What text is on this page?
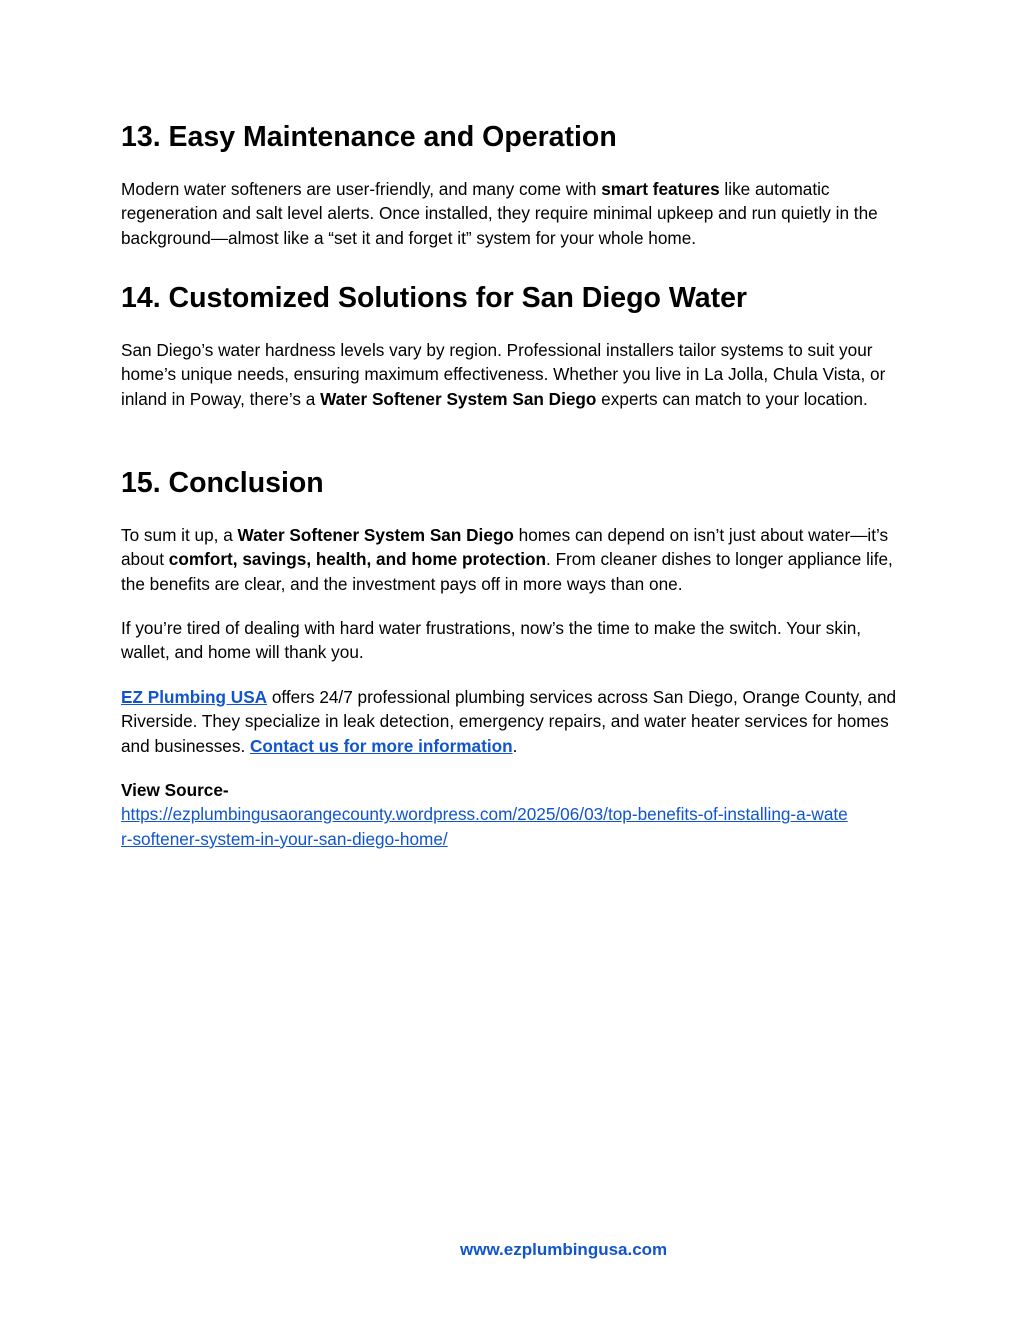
13. Easy Maintenance and Operation

Modern water softeners are user-friendly, and many come with smart features like automatic regeneration and salt level alerts. Once installed, they require minimal upkeep and run quietly in the background—almost like a “set it and forget it” system for your whole home.

14. Customized Solutions for San Diego Water

San Diego’s water hardness levels vary by region. Professional installers tailor systems to suit your home’s unique needs, ensuring maximum effectiveness. Whether you live in La Jolla, Chula Vista, or inland in Poway, there’s a Water Softener System San Diego experts can match to your location.

15. Conclusion

To sum it up, a Water Softener System San Diego homes can depend on isn’t just about water—it’s about comfort, savings, health, and home protection. From cleaner dishes to longer appliance life, the benefits are clear, and the investment pays off in more ways than one.

If you’re tired of dealing with hard water frustrations, now’s the time to make the switch. Your skin, wallet, and home will thank you.

EZ Plumbing USA offers 24/7 professional plumbing services across San Diego, Orange County, and Riverside. They specialize in leak detection, emergency repairs, and water heater services for homes and businesses. Contact us for more information.

View Source-
https://ezplumbingusaorangecounty.wordpress.com/2025/06/03/top-benefits-of-installing-a-wate
r-softener-system-in-your-san-diego-home/
www.ezplumbingusa.com
